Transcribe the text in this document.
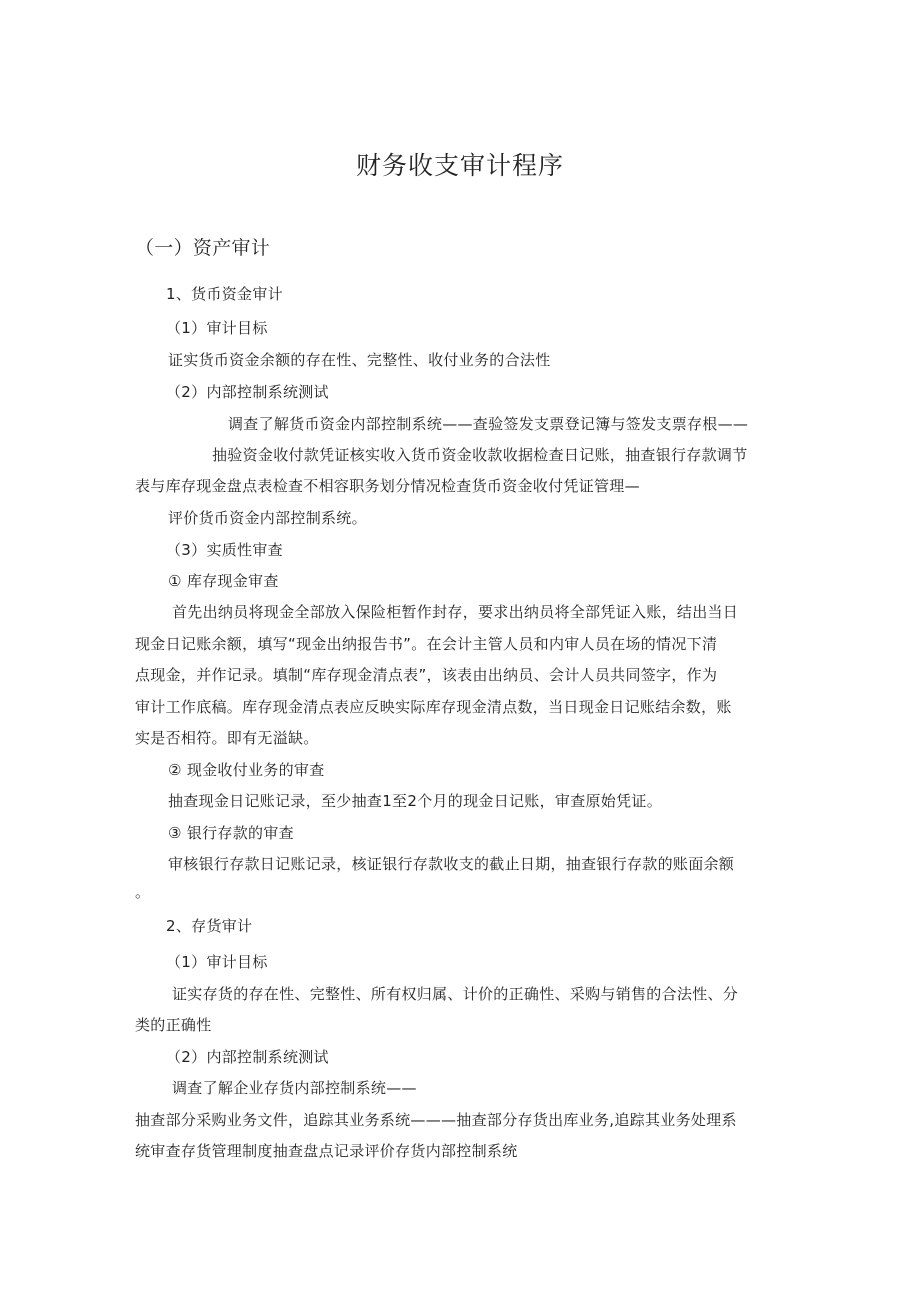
财务收支审计程序
（一）资产审计
1、货币资金审计
（1）审计目标
证实货币资金余额的存在性、完整性、收付业务的合法性
（2）内部控制系统测试
调查了解货币资金内部控制系统——查验签发支票登记簿与签发支票存根——
抽验资金收付款凭证核实收入货币资金收款收据检查日记账，抽查银行存款调节
表与库存现金盘点表检查不相容职务划分情况检查货币资金收付凭证管理—
评价货币资金内部控制系统。
（3）实质性审查
① 库存现金审查
首先出纳员将现金全部放入保险柜暂作封存，要求出纳员将全部凭证入账，结出当日
现金日记账余额，填写“现金出纳报告书”。在会计主管人员和内审人员在场的情况下清
点现金，并作记录。填制“库存现金清点表”，该表由出纳员、会计人员共同签字，作为
审计工作底稿。库存现金清点表应反映实际库存现金清点数，当日现金日记账结余数，账
实是否相符。即有无溢缺。
② 现金收付业务的审查
抽查现金日记账记录，至少抽查1至2个月的现金日记账，审查原始凭证。
③ 银行存款的审查
审核银行存款日记账记录，核证银行存款收支的截止日期，抽查银行存款的账面余额
。
2、存货审计
（1）审计目标
证实存货的存在性、完整性、所有权归属、计价的正确性、采购与销售的合法性、分
类的正确性
（2）内部控制系统测试
调查了解企业存货内部控制系统——
抽查部分采购业务文件，追踪其业务系统———抽查部分存货出库业务,追踪其业务处理系
统审查存货管理制度抽查盘点记录评价存货内部控制系统
